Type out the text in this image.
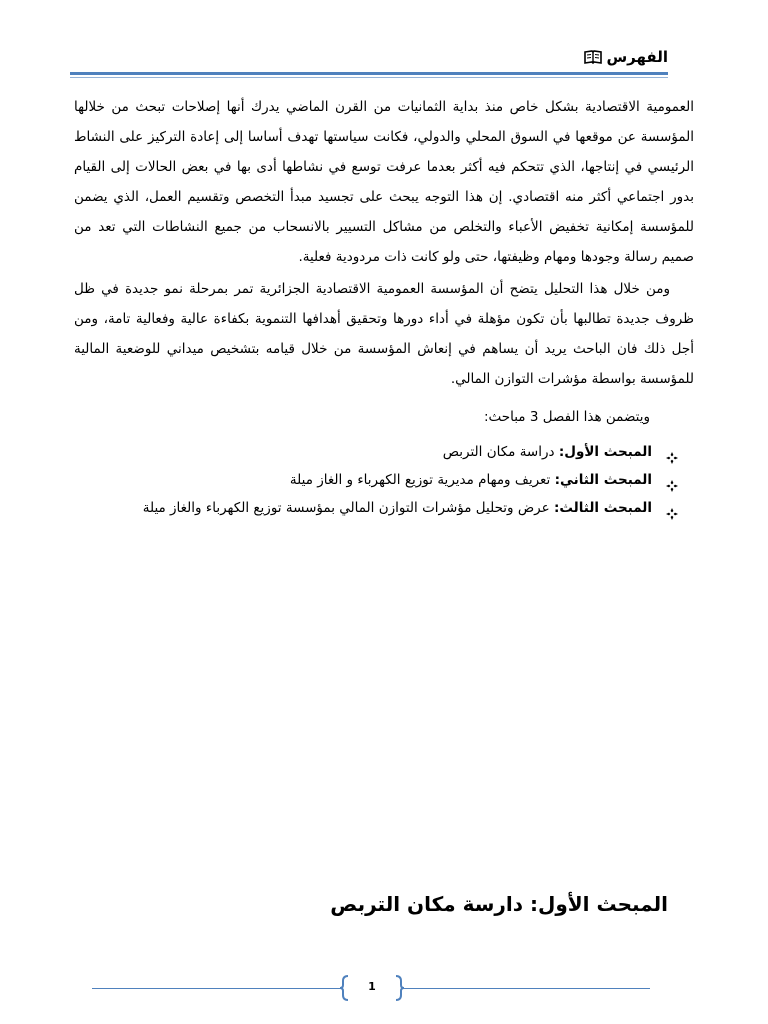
الفهرس

العمومية الاقتصادية بشكل خاص منذ بداية الثمانيات من القرن الماضي يدرك أنها إصلاحات تبحث من خلالها المؤسسة عن موقعها في السوق المحلي والدولي، فكانت سياستها تهدف أساسا إلى إعادة التركيز على النشاط الرئيسي في إنتاجها، الذي تتحكم فيه أكثر بعدما عرفت توسع في نشاطها أدى بها في بعض الحالات إلى القيام بدور اجتماعي أكثر منه اقتصادي. إن هذا التوجه يبحث على تجسيد مبدأ التخصص وتقسيم العمل، الذي يضمن للمؤسسة إمكانية تخفيض الأعباء والتخلص من مشاكل التسيير بالانسحاب من جميع النشاطات التي تعد من صميم رسالة وجودها ومهام وظيفتها، حتى ولو كانت ذات مردودية فعلية.

ومن خلال هذا التحليل يتضح أن المؤسسة العمومية الاقتصادية الجزائرية تمر بمرحلة نمو جديدة في ظل ظروف جديدة تطالبها بأن تكون مؤهلة في أداء دورها وتحقيق أهدافها التنموية بكفاءة عالية وفعالية تامة، ومن أجل ذلك فان الباحث يريد أن يساهم في إنعاش المؤسسة من خلال قيامه بتشخيص ميداني للوضعية المالية للمؤسسة بواسطة مؤشرات التوازن المالي.

ويتضمن هذا الفصل 3 مباحث:

المبحث الأول: دراسة مكان التربص
المبحث الثاني: تعريف ومهام مديرية توزيع الكهرباء و الغاز ميلة
المبحث الثالث: عرض وتحليل مؤشرات التوازن المالي بمؤسسة توزيع الكهرباء والغاز ميلة
المبحث الأول: دارسة مكان التربص
1
